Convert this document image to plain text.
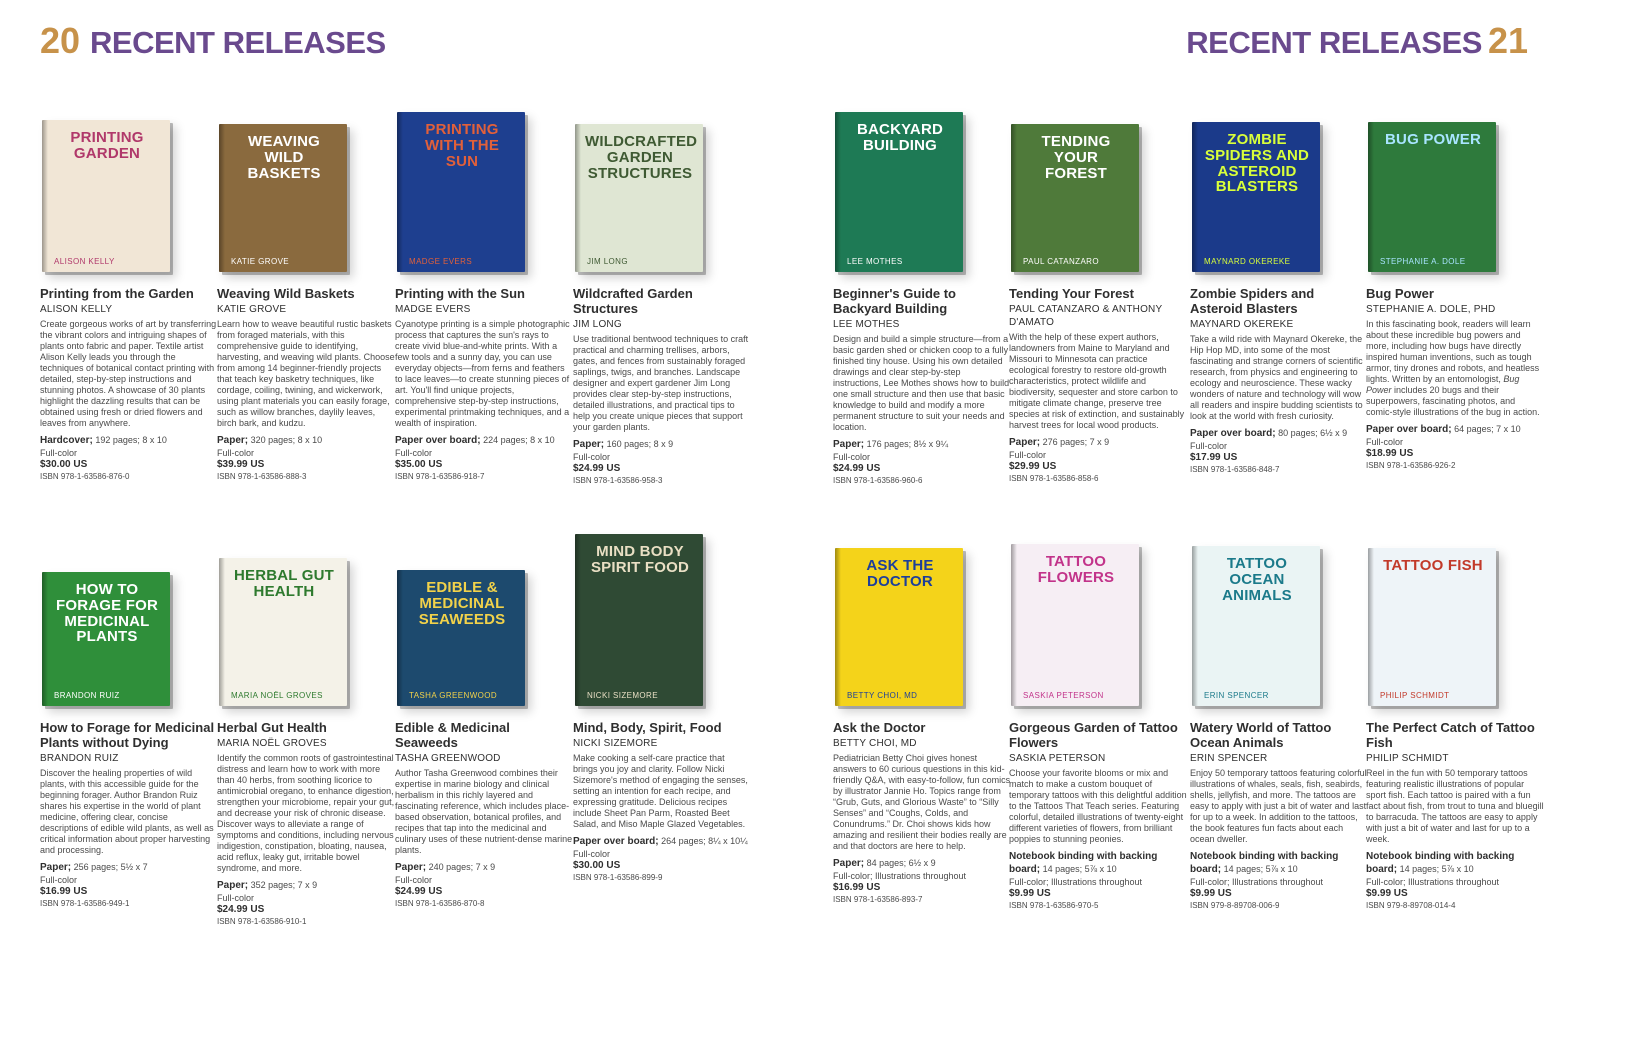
20 RECENT RELEASES	RECENT RELEASES 21
PRINTING GARDEN
ALISON KELLY
Printing from the Garden
ALISON KELLY
Create gorgeous works of art by transferring the vibrant colors and intriguing shapes of plants onto fabric and paper. Textile artist Alison Kelly leads you through the techniques of botanical contact printing with detailed, step-by-step instructions and stunning photos. A showcase of 30 plants highlight the dazzling results that can be obtained using fresh or dried flowers and leaves from anywhere.
Hardcover; 192 pages; 8 x 10
Full-color
$30.00 US
ISBN 978-1-63586-876-0
WEAVING WILD BASKETS
KATIE GROVE
Weaving Wild Baskets
KATIE GROVE
Learn how to weave beautiful rustic baskets from foraged materials, with this comprehensive guide to identifying, harvesting, and weaving wild plants. Choose from among 14 beginner-friendly projects that teach key basketry techniques, like cordage, coiling, twining, and wickerwork, using plant materials you can easily forage, such as willow branches, daylily leaves, birch bark, and kudzu.
Paper; 320 pages; 8 x 10
Full-color
$39.99 US
ISBN 978-1-63586-888-3
PRINTING WITH THE SUN
MADGE EVERS
Printing with the Sun
MADGE EVERS
Cyanotype printing is a simple photographic process that captures the sun's rays to create vivid blue-and-white prints. With a few tools and a sunny day, you can use everyday objects—from ferns and feathers to lace leaves—to create stunning pieces of art. You'll find unique projects, comprehensive step-by-step instructions, experimental printmaking techniques, and a wealth of inspiration.
Paper over board; 224 pages; 8 x 10
Full-color
$35.00 US
ISBN 978-1-63586-918-7
WILDCRAFTED GARDEN STRUCTURES
JIM LONG
Wildcrafted Garden Structures
JIM LONG
Use traditional bentwood techniques to craft practical and charming trellises, arbors, gates, and fences from sustainably foraged saplings, twigs, and branches. Landscape designer and expert gardener Jim Long provides clear step-by-step instructions, detailed illustrations, and practical tips to help you create unique pieces that support your garden plants.
Paper; 160 pages; 8 x 9
Full-color
$24.99 US
ISBN 978-1-63586-958-3
BACKYARD BUILDING
LEE MOTHES
Beginner's Guide to Backyard Building
LEE MOTHES
Design and build a simple structure—from a basic garden shed or chicken coop to a fully finished tiny house. Using his own detailed drawings and clear step-by-step instructions, Lee Mothes shows how to build one small structure and then use that basic knowledge to build and modify a more permanent structure to suit your needs and location.
Paper; 176 pages; 8½ x 9¼
Full-color
$24.99 US
ISBN 978-1-63586-960-6
TENDING YOUR FOREST
PAUL CATANZARO
Tending Your Forest
PAUL CATANZARO & ANTHONY D'AMATO
With the help of these expert authors, landowners from Maine to Maryland and Missouri to Minnesota can practice ecological forestry to restore old-growth characteristics, protect wildlife and biodiversity, sequester and store carbon to mitigate climate change, preserve tree species at risk of extinction, and sustainably harvest trees for local wood products.
Paper; 276 pages; 7 x 9
Full-color
$29.99 US
ISBN 978-1-63586-858-6
ZOMBIE SPIDERS AND ASTEROID BLASTERS
MAYNARD OKEREKE
Zombie Spiders and Asteroid Blasters
MAYNARD OKEREKE
Take a wild ride with Maynard Okereke, the Hip Hop MD, into some of the most fascinating and strange corners of scientific research, from physics and engineering to ecology and neuroscience. These wacky wonders of nature and technology will wow all readers and inspire budding scientists to look at the world with fresh curiosity.
Paper over board; 80 pages; 6½ x 9
Full-color
$17.99 US
ISBN 978-1-63586-848-7
BUG POWER
STEPHANIE A. DOLE
Bug Power
STEPHANIE A. DOLE, PHD
In this fascinating book, readers will learn about these incredible bug powers and more, including how bugs have directly inspired human inventions, such as tough armor, tiny drones and robots, and heatless lights. Written by an entomologist, Bug Power includes 20 bugs and their superpowers, fascinating photos, and comic-style illustrations of the bug in action.
Paper over board; 64 pages; 7 x 10
Full-color
$18.99 US
ISBN 978-1-63586-926-2
HOW TO FORAGE FOR MEDICINAL PLANTS
BRANDON RUIZ
How to Forage for Medicinal Plants without Dying
BRANDON RUIZ
Discover the healing properties of wild plants, with this accessible guide for the beginning forager. Author Brandon Ruiz shares his expertise in the world of plant medicine, offering clear, concise descriptions of edible wild plants, as well as critical information about proper harvesting and processing.
Paper; 256 pages; 5½ x 7
Full-color
$16.99 US
ISBN 978-1-63586-949-1
HERBAL GUT HEALTH
MARIA NOËL GROVES
Herbal Gut Health
MARIA NOËL GROVES
Identify the common roots of gastrointestinal distress and learn how to work with more than 40 herbs, from soothing licorice to antimicrobial oregano, to enhance digestion, strengthen your microbiome, repair your gut, and decrease your risk of chronic disease. Discover ways to alleviate a range of symptoms and conditions, including nervous indigestion, constipation, bloating, nausea, acid reflux, leaky gut, irritable bowel syndrome, and more.
Paper; 352 pages; 7 x 9
Full-color
$24.99 US
ISBN 978-1-63586-910-1
EDIBLE & MEDICINAL SEAWEEDS
TASHA GREENWOOD
Edible & Medicinal Seaweeds
TASHA GREENWOOD
Author Tasha Greenwood combines their expertise in marine biology and clinical herbalism in this richly layered and fascinating reference, which includes place-based observation, botanical profiles, and recipes that tap into the medicinal and culinary uses of these nutrient-dense marine plants.
Paper; 240 pages; 7 x 9
Full-color
$24.99 US
ISBN 978-1-63586-870-8
MIND BODY SPIRIT FOOD
NICKI SIZEMORE
Mind, Body, Spirit, Food
NICKI SIZEMORE
Make cooking a self-care practice that brings you joy and clarity. Follow Nicki Sizemore's method of engaging the senses, setting an intention for each recipe, and expressing gratitude. Delicious recipes include Sheet Pan Parm, Roasted Beet Salad, and Miso Maple Glazed Vegetables.
Paper over board; 264 pages; 8¼ x 10¼
Full-color
$30.00 US
ISBN 978-1-63586-899-9
ASK THE DOCTOR
BETTY CHOI, MD
Ask the Doctor
BETTY CHOI, MD
Pediatrician Betty Choi gives honest answers to 60 curious questions in this kid-friendly Q&A, with easy-to-follow, fun comics by illustrator Jannie Ho. Topics range from “Grub, Guts, and Glorious Waste” to “Silly Senses” and “Coughs, Colds, and Conundrums.” Dr. Choi shows kids how amazing and resilient their bodies really are and that doctors are here to help.
Paper; 84 pages; 6½ x 9
Full-color; Illustrations throughout
$16.99 US
ISBN 978-1-63586-893-7
TATTOO FLOWERS
SASKIA PETERSON
Gorgeous Garden of Tattoo Flowers
SASKIA PETERSON
Choose your favorite blooms or mix and match to make a custom bouquet of temporary tattoos with this delightful addition to the Tattoos That Teach series. Featuring colorful, detailed illustrations of twenty-eight different varieties of flowers, from brilliant poppies to stunning peonies.
Notebook binding with backing board; 14 pages; 5⅞ x 10
Full-color; Illustrations throughout
$9.99 US
ISBN 978-1-63586-970-5
TATTOO OCEAN ANIMALS
ERIN SPENCER
Watery World of Tattoo Ocean Animals
ERIN SPENCER
Enjoy 50 temporary tattoos featuring colorful illustrations of whales, seals, fish, seabirds, shells, jellyfish, and more. The tattoos are easy to apply with just a bit of water and last for up to a week. In addition to the tattoos, the book features fun facts about each ocean dweller.
Notebook binding with backing board; 14 pages; 5⅞ x 10
Full-color; Illustrations throughout
$9.99 US
ISBN 979-8-89708-006-9
TATTOO FISH
PHILIP SCHMIDT
The Perfect Catch of Tattoo Fish
PHILIP SCHMIDT
Reel in the fun with 50 temporary tattoos featuring realistic illustrations of popular sport fish. Each tattoo is paired with a fun fact about fish, from trout to tuna and bluegill to barracuda. The tattoos are easy to apply with just a bit of water and last for up to a week.
Notebook binding with backing board; 14 pages; 5⅞ x 10
Full-color; Illustrations throughout
$9.99 US
ISBN 979-8-89708-014-4
